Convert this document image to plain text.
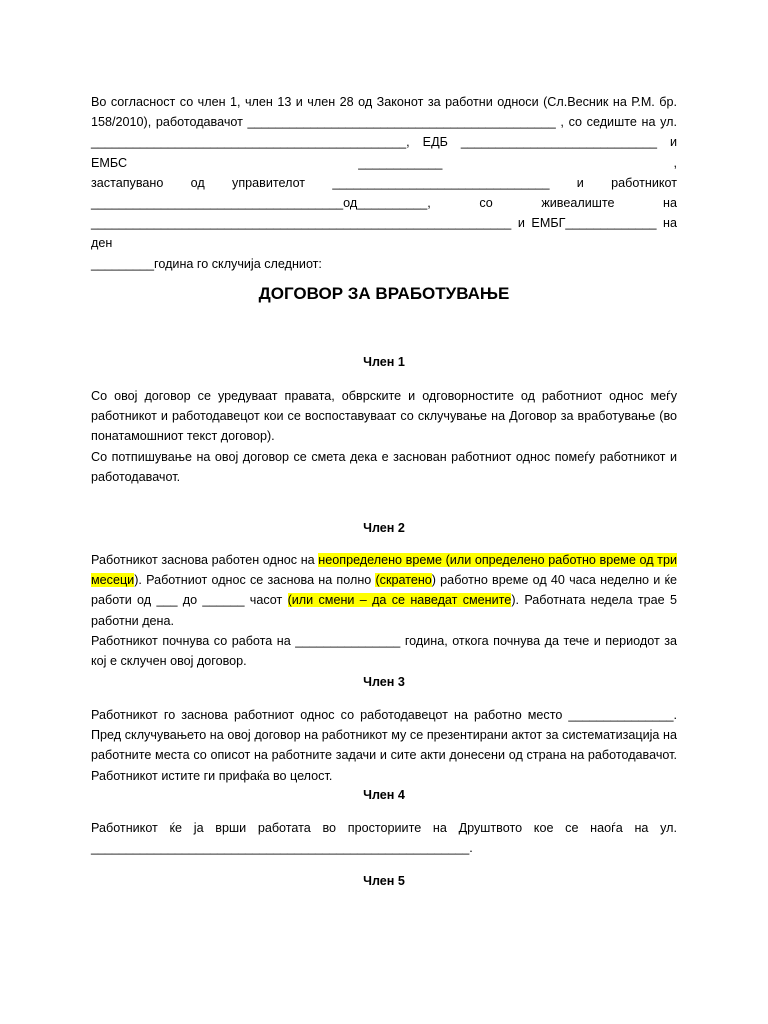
Во согласност со член 1, член 13 и член 28 од Законот за работни односи (Сл.Весник на Р.М. бр.
158/2010), работодавачот ____________________________________________ , со седиште на ул.
_____________________________________________, ЕДБ ____________________________ и ЕМБС ____________ ,
застапувано од управителот _______________________________ и работникот
____________________________________од__________, со живеалиште на
____________________________________________________________ и ЕМБГ_____________ на ден
_________година го склучија следниот:

ДОГОВОР ЗА ВРАБОТУВАЊЕ
Член 1

Со овој договор се уредуваат правата, обврските и одговорностите од работниот однос меѓу работникот и работодавецот кои се воспоставуваат со склучување на Договор за вработување (во понатамошниот текст договор).

Со потпишување на овој договор се смета дека е заснован работниот однос помеѓу работникот и работодавачот.

Член 2

Работникот заснова работен однос на неопределено време (или определено работно време од три месеци). Работниот однос се заснова на полно (скратено) работно време од 40 часа неделно и ќе работи од ___ до ______ часот (или смени – да се наведат смените). Работната недела трае 5 работни дена.

Работникот почнува со работа на _______________ година, откога почнува да тече и периодот за кој е склучен овој договор.

Член 3

Работникот го заснова работниот однос со работодавецот на работно место _______________. Пред склучувањето на овој договор на работникот му се презентирани актот за систематизација на работните места со описот на работните задачи и сите акти донесени од страна на работодавачот. Работникот истите ги прифаќа во целост.

Член 4

Работникот ќе ја врши работата во просториите на Друштвото кое се наоѓа на ул. ______________________________________________________.

Член 5
